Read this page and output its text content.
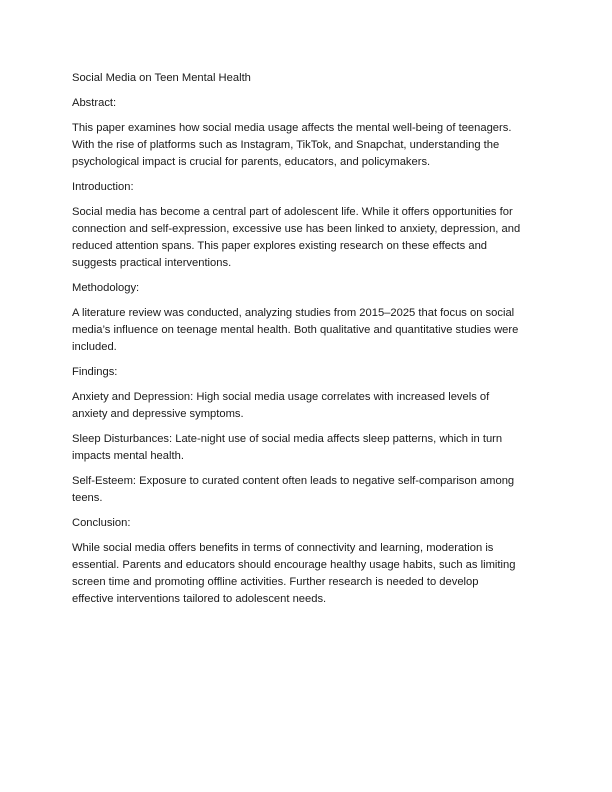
Social Media on Teen Mental Health
Abstract:
This paper examines how social media usage affects the mental well-being of teenagers.
With the rise of platforms such as Instagram, TikTok, and Snapchat, understanding the
psychological impact is crucial for parents, educators, and policymakers.
Introduction:
Social media has become a central part of adolescent life. While it offers opportunities for
connection and self-expression, excessive use has been linked to anxiety, depression, and
reduced attention spans. This paper explores existing research on these effects and
suggests practical interventions.
Methodology:
A literature review was conducted, analyzing studies from 2015–2025 that focus on social
media’s influence on teenage mental health. Both qualitative and quantitative studies were
included.
Findings:
Anxiety and Depression: High social media usage correlates with increased levels of
anxiety and depressive symptoms.
Sleep Disturbances: Late-night use of social media affects sleep patterns, which in turn
impacts mental health.
Self-Esteem: Exposure to curated content often leads to negative self-comparison among
teens.
Conclusion:
While social media offers benefits in terms of connectivity and learning, moderation is
essential. Parents and educators should encourage healthy usage habits, such as limiting
screen time and promoting offline activities. Further research is needed to develop
effective interventions tailored to adolescent needs.
